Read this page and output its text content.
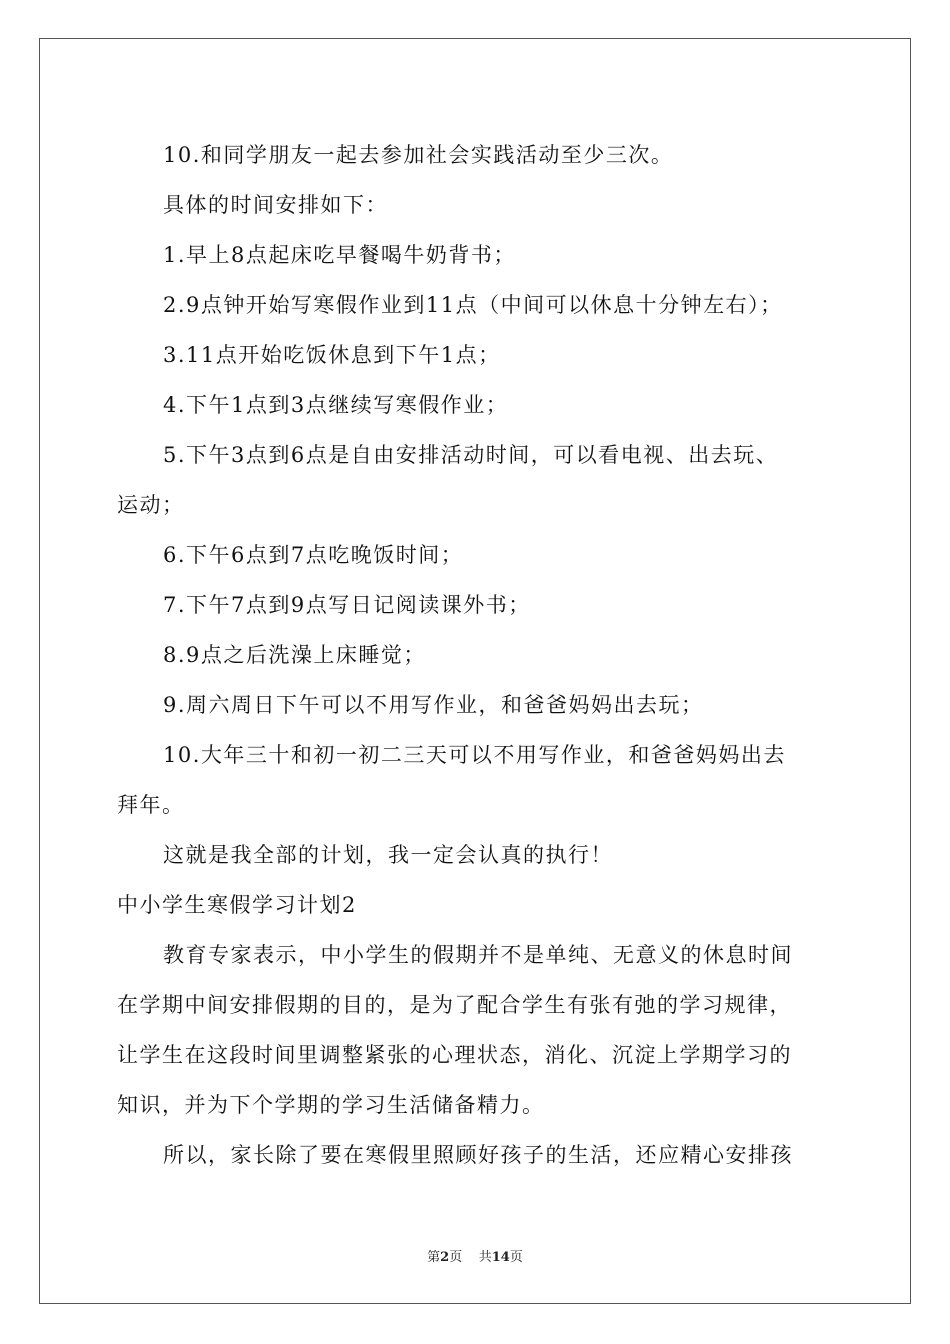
10.和同学朋友一起去参加社会实践活动至少三次。
具体的时间安排如下：
1.早上8点起床吃早餐喝牛奶背书；
2.9点钟开始写寒假作业到11点（中间可以休息十分钟左右）；
3.11点开始吃饭休息到下午1点；
4.下午1点到3点继续写寒假作业；
5.下午3点到6点是自由安排活动时间，可以看电视、出去玩、
运动；
6.下午6点到7点吃晚饭时间；
7.下午7点到9点写日记阅读课外书；
8.9点之后洗澡上床睡觉；
9.周六周日下午可以不用写作业，和爸爸妈妈出去玩；
10.大年三十和初一初二三天可以不用写作业，和爸爸妈妈出去
拜年。
这就是我全部的计划，我一定会认真的执行！
中小学生寒假学习计划2
教育专家表示，中小学生的假期并不是单纯、无意义的休息时间
在学期中间安排假期的目的，是为了配合学生有张有弛的学习规律，
让学生在这段时间里调整紧张的心理状态，消化、沉淀上学期学习的
知识，并为下个学期的学习生活储备精力。
所以，家长除了要在寒假里照顾好孩子的生活，还应精心安排孩
第2页 共14页
